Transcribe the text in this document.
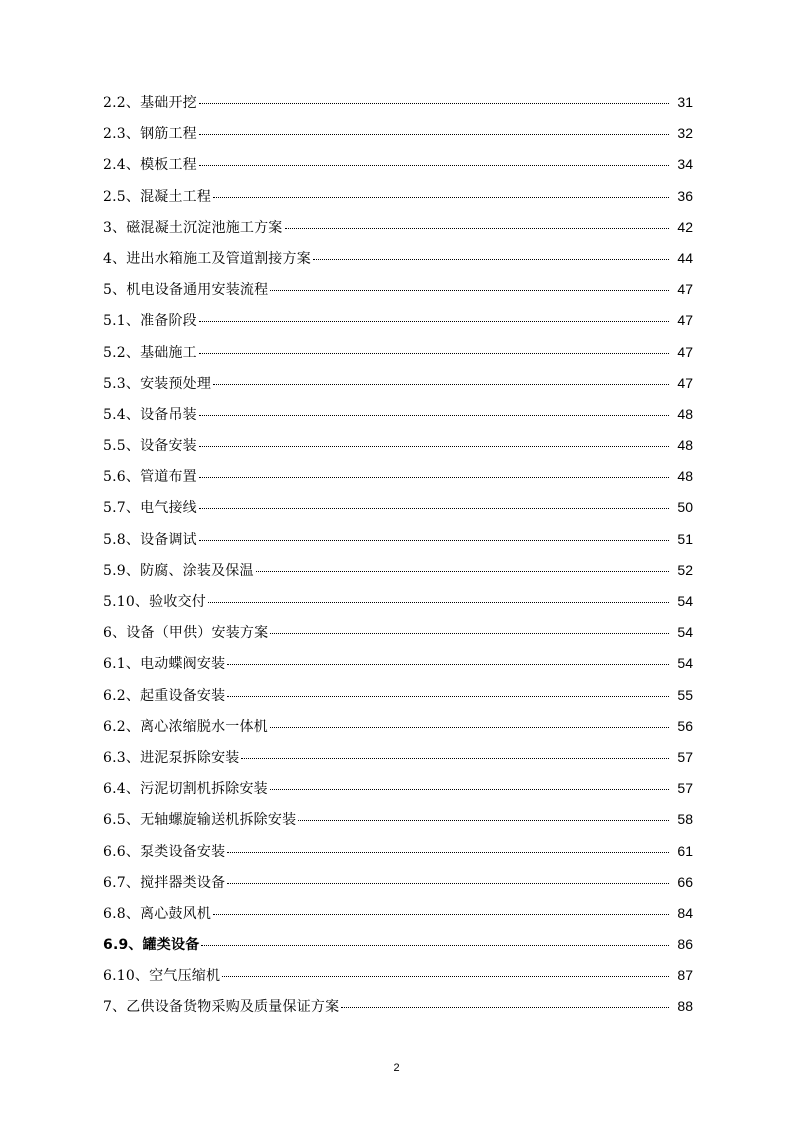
2.2、基础开挖	31
2.3、钢筋工程	32
2.4、模板工程	34
2.5、混凝土工程	36
3、磁混凝土沉淀池施工方案	42
4、进出水箱施工及管道割接方案	44
5、机电设备通用安装流程	47
5.1、准备阶段	47
5.2、基础施工	47
5.3、安装预处理	47
5.4、设备吊装	48
5.5、设备安装	48
5.6、管道布置	48
5.7、电气接线	50
5.8、设备调试	51
5.9、防腐、涂装及保温	52
5.10、验收交付	54
6、设备（甲供）安装方案	54
6.1、电动蝶阀安装	54
6.2、起重设备安装	55
6.2、离心浓缩脱水一体机	56
6.3、进泥泵拆除安装	57
6.4、污泥切割机拆除安装	57
6.5、无轴螺旋输送机拆除安装	58
6.6、泵类设备安装	61
6.7、搅拌器类设备	66
6.8、离心鼓风机	84
6.9、罐类设备	86
6.10、空气压缩机	87
7、乙供设备货物采购及质量保证方案	88
2
